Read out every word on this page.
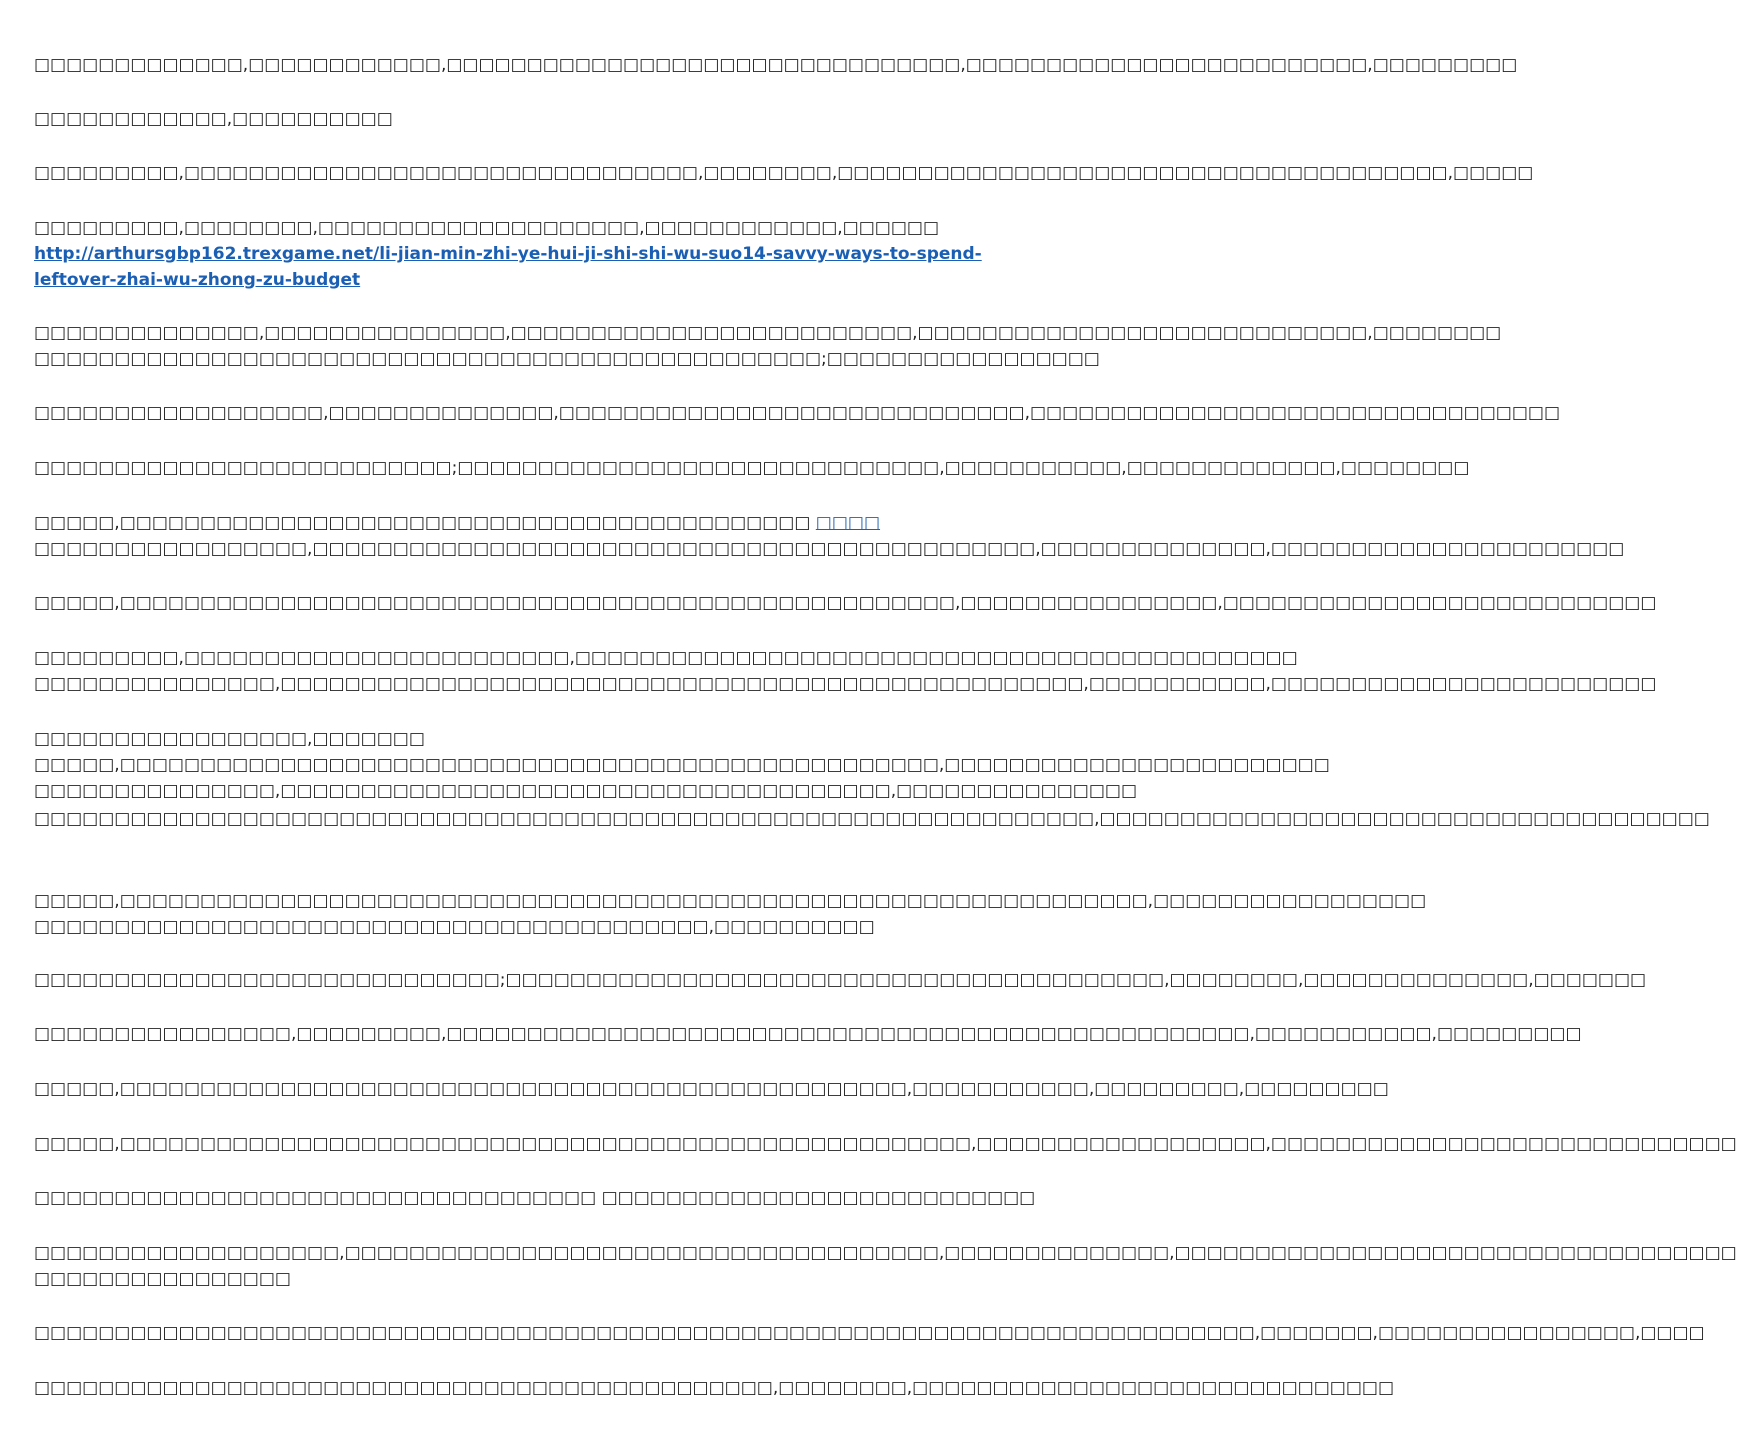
□□□□□□□□□□□□□,□□□□□□□□□□□□,□□□□□□□□□□□□□□□□□□□□□□□□□□□□□□□□,□□□□□□□□□□□□□□□□□□□□□□□□□,□□□□□□□□□

□□□□□□□□□□□□,□□□□□□□□□□

□□□□□□□□□,□□□□□□□□□□□□□□□□□□□□□□□□□□□□□□□□,□□□□□□□□,□□□□□□□□□□□□□□□□□□□□□□□□□□□□□□□□□□□□□□,□□□□□

□□□□□□□□□,□□□□□□□□,□□□□□□□□□□□□□□□□□□□□,□□□□□□□□□□□□,□□□□□□
http://arthursgbp162.trexgame.net/li-jian-min-zhi-ye-hui-ji-shi-shi-wu-suo14-savvy-ways-to-spend-
leftover-zhai-wu-zhong-zu-budget

□□□□□□□□□□□□□□,□□□□□□□□□□□□□□□,□□□□□□□□□□□□□□□□□□□□□□□□□,□□□□□□□□□□□□□□□□□□□□□□□□□□□□,□□□□□□□□
□□□□□□□□□□□□□□□□□□□□□□□□□□□□□□□□□□□□□□□□□□□□□□□□□;□□□□□□□□□□□□□□□□□

□□□□□□□□□□□□□□□□□□,□□□□□□□□□□□□□□,□□□□□□□□□□□□□□□□□□□□□□□□□□□□□,□□□□□□□□□□□□□□□□□□□□□□□□□□□□□□□□□

□□□□□□□□□□□□□□□□□□□□□□□□□□;□□□□□□□□□□□□□□□□□□□□□□□□□□□□□□,□□□□□□□□□□□,□□□□□□□□□□□□□,□□□□□□□□

□□□□□,□□□□□□□□□□□□□□□□□□□□□□□□□□□□□□□□□□□□□□□□□□□ □□□□
□□□□□□□□□□□□□□□□□,□□□□□□□□□□□□□□□□□□□□□□□□□□□□□□□□□□□□□□□□□□□□□,□□□□□□□□□□□□□□,□□□□□□□□□□□□□□□□□□□□□□

□□□□□,□□□□□□□□□□□□□□□□□□□□□□□□□□□□□□□□□□□□□□□□□□□□□□□□□□□□,□□□□□□□□□□□□□□□□,□□□□□□□□□□□□□□□□□□□□□□□□□□□

□□□□□□□□□,□□□□□□□□□□□□□□□□□□□□□□□□,□□□□□□□□□□□□□□□□□□□□□□□□□□□□□□□□□□□□□□□□□□□□□
□□□□□□□□□□□□□□□,□□□□□□□□□□□□□□□□□□□□□□□□□□□□□□□□□□□□□□□□□□□□□□□□□□,□□□□□□□□□□□,□□□□□□□□□□□□□□□□□□□□□□□□

□□□□□□□□□□□□□□□□□,□□□□□□□
□□□□□,□□□□□□□□□□□□□□□□□□□□□□□□□□□□□□□□□□□□□□□□□□□□□□□□□□□,□□□□□□□□□□□□□□□□□□□□□□□□
□□□□□□□□□□□□□□□,□□□□□□□□□□□□□□□□□□□□□□□□□□□□□□□□□□□□□□,□□□□□□□□□□□□□□□

□□□□□□□□□□□□□□□□□□□□□□□□□□□□□□□□□□□□□□□□□□□□□□□□□□□□□□□□□□□□□□□□□□,□□□□□□□□□□□□□□□□□□□□□□□□□□□□□□□□□□□□□□

□□□□□,□□□□□□□□□□□□□□□□□□□□□□□□□□□□□□□□□□□□□□□□□□□□□□□□□□□□□□□□□□□□□□□□,□□□□□□□□□□□□□□□□□
□□□□□□□□□□□□□□□□□□□□□□□□□□□□□□□□□□□□□□□□□□,□□□□□□□□□□

□□□□□□□□□□□□□□□□□□□□□□□□□□□□□;□□□□□□□□□□□□□□□□□□□□□□□□□□□□□□□□□□□□□□□□□,□□□□□□□□,□□□□□□□□□□□□□□,□□□□□□□

□□□□□□□□□□□□□□□□,□□□□□□□□□,□□□□□□□□□□□□□□□□□□□□□□□□□□□□□□□□□□□□□□□□□□□□□□□□□□,□□□□□□□□□□□,□□□□□□□□□

□□□□□,□□□□□□□□□□□□□□□□□□□□□□□□□□□□□□□□□□□□□□□□□□□□□□□□□,□□□□□□□□□□□,□□□□□□□□□,□□□□□□□□□

□□□□□,□□□□□□□□□□□□□□□□□□□□□□□□□□□□□□□□□□□□□□□□□□□□□□□□□□□□□,□□□□□□□□□□□□□□□□□□,□□□□□□□□□□□□□□□□□□□□□□□□□□□□□

□□□□□□□□□□□□□□□□□□□□□□□□□□□□□□□□□□□ □□□□□□□□□□□□□□□□□□□□□□□□□□□

□□□□□□□□□□□□□□□□□□□,□□□□□□□□□□□□□□□□□□□□□□□□□□□□□□□□□□□□□,□□□□□□□□□□□□□□,□□□□□□□□□□□□□□□□□□□□□□□□□□□□□□□□□□□
□□□□□□□□□□□□□□□□

□□□□□□□□□□□□□□□□□□□□□□□□□□□□□□□□□□□□□□□□□□□□□□□□□□□□□□□□□□□□□□□□□□□□□□□□□□□□,□□□□□□□,□□□□□□□□□□□□□□□□,□□□□

□□□□□□□□□□□□□□□□□□□□□□□□□□□□□□□□□□□□□□□□□□□□□□,□□□□□□□□,□□□□□□□□□□□□□□□□□□□□□□□□□□□□□□
